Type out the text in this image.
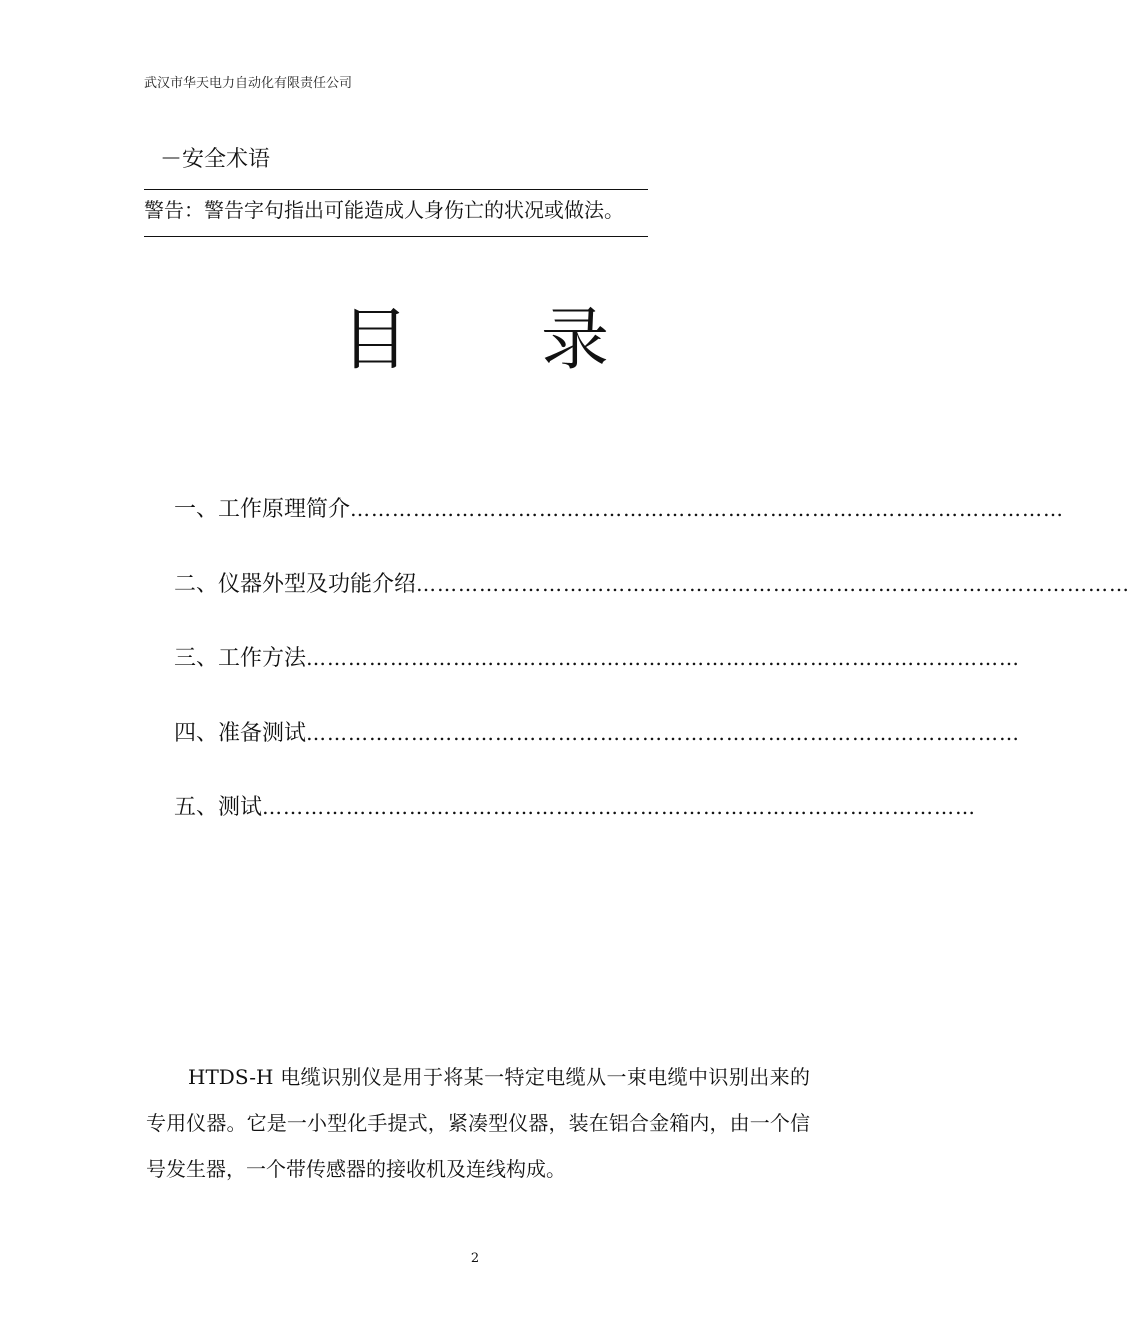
武汉市华天电力自动化有限责任公司
－安全术语
警告：警告字句指出可能造成人身伤亡的状况或做法。
目 录
一、工作原理简介 …………………………………………………………………………………………
二、仪器外型及功能介绍 …………………………………………………………………………………………
三、工作方法 …………………………………………………………………………………………
四、准备测试 …………………………………………………………………………………………
五、测试 …………………………………………………………………………………………

HTDS-H 电缆识别仪是用于将某一特定电缆从一束电缆中识别出来的专用仪器。它是一小型化手提式，紧凑型仪器，装在铝合金箱内，由一个信号发生器，一个带传感器的接收机及连线构成。

2
